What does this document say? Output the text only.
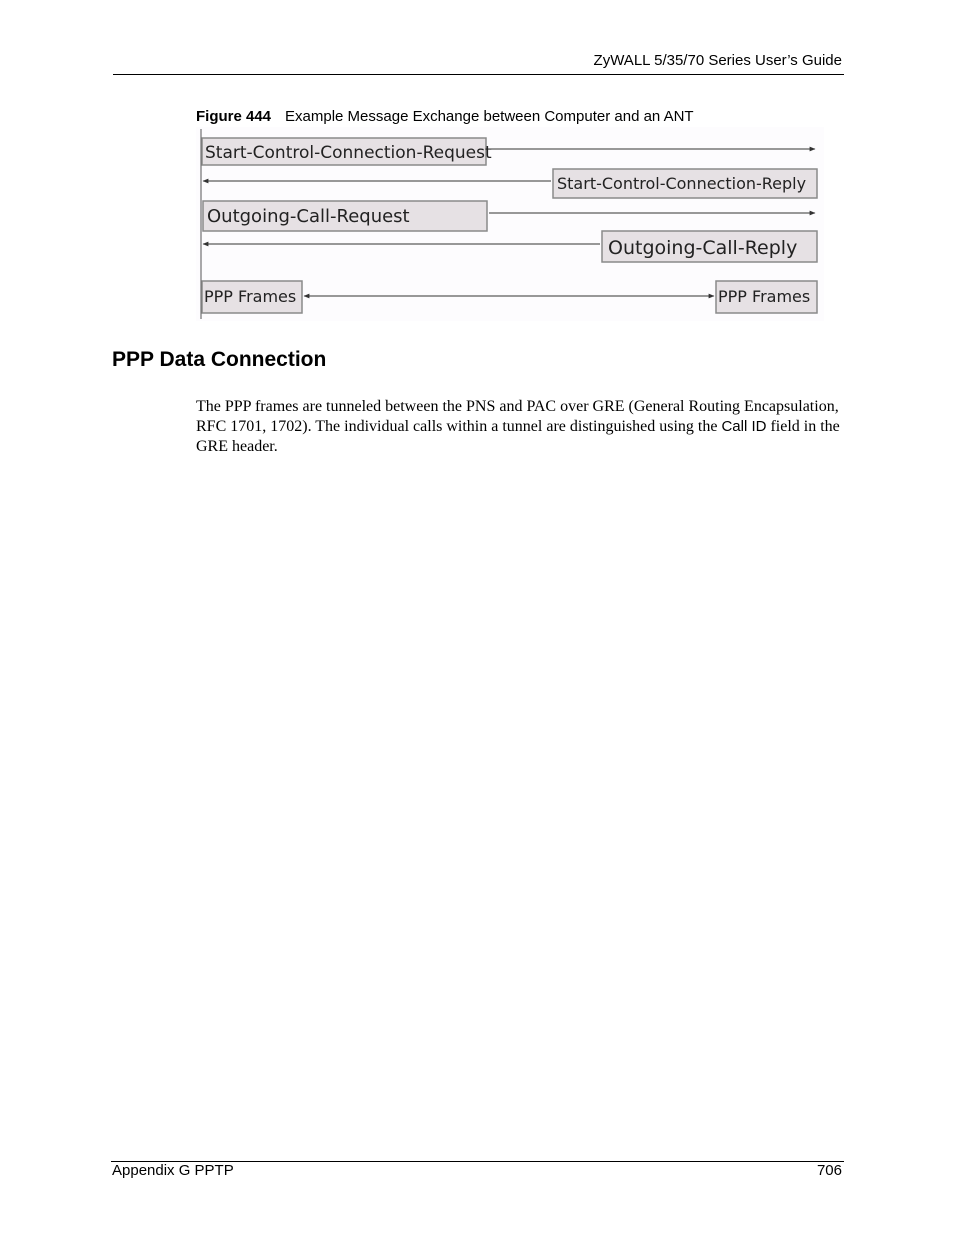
ZyWALL 5/35/70 Series User’s Guide
Figure 444 Example Message Exchange between Computer and an ANT
Start-Control-Connection-Request
Start-Control-Connection-Reply
Outgoing-Call-Request
Outgoing-Call-Reply
PPP Frames	PPP Frames
PPP Data Connection

The PPP frames are tunneled between the PNS and PAC over GRE (General Routing Encapsulation, RFC 1701, 1702). The individual calls within a tunnel are distinguished using the Call ID field in the GRE header.

Appendix G PPTP	706
